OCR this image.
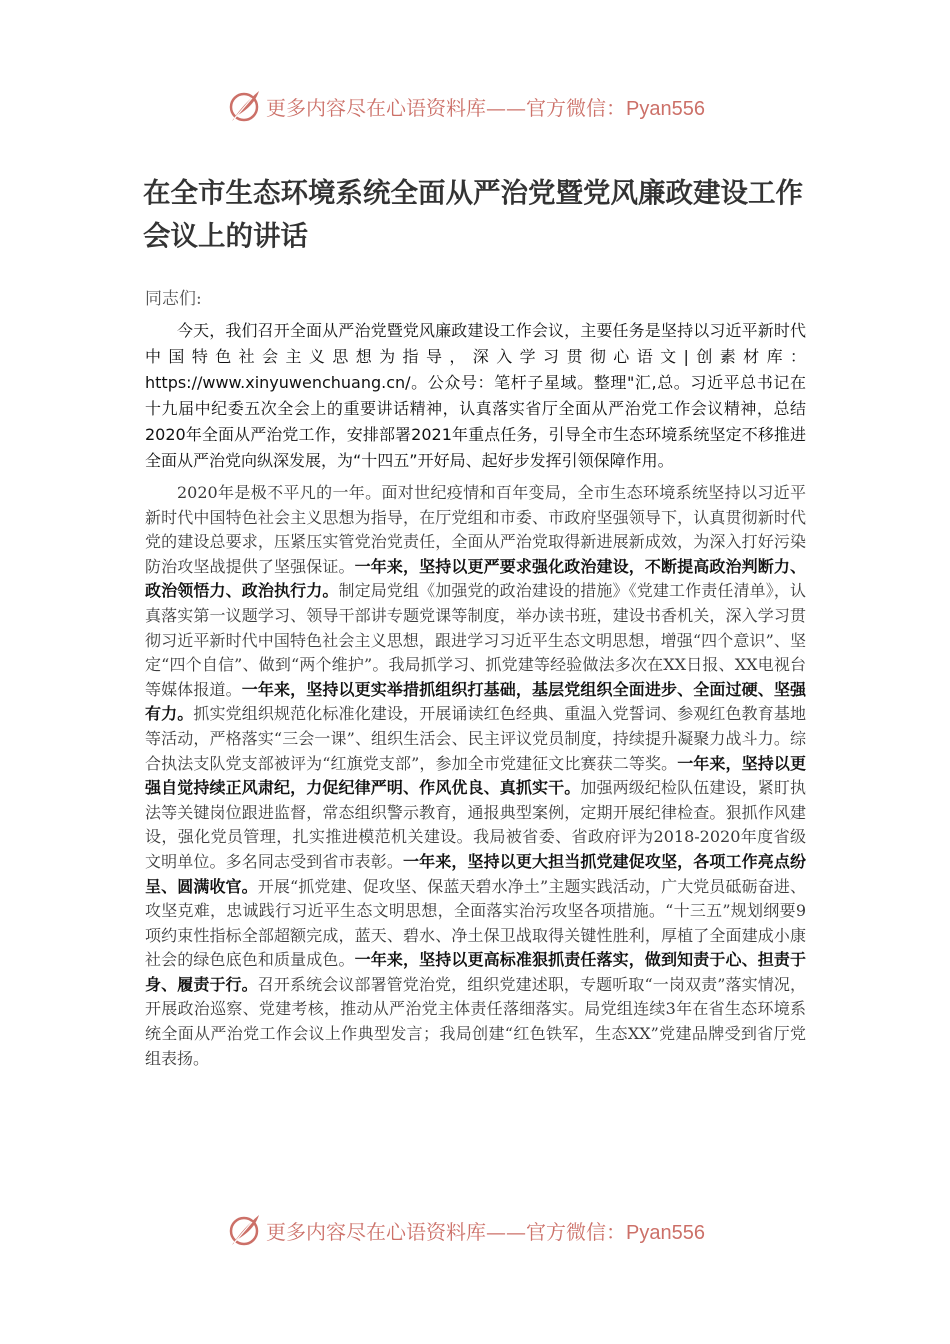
更多内容尽在心语资料库——官方微信：Pyan556
在全市生态环境系统全面从严治党暨党风廉政建设工作会议上的讲话
同志们:

今天，我们召开全面从严治党暨党风廉政建设工作会议，主要任务是坚持以习近平新时代中国特色社会主义思想为指导，深入学习贯彻心语文|创素材库： https://www.xinyuwenchuang.cn/。公众号：笔杆子星域。整理"汇,总。习近平总书记在十九届中纪委五次全会上的重要讲话精神，认真落实省厅全面从严治党工作会议精神，总结2020年全面从严治党工作，安排部署2021年重点任务，引导全市生态环境系统坚定不移推进全面从严治党向纵深发展，为“十四五”开好局、起好步发挥引领保障作用。

2020年是极不平凡的一年。面对世纪疫情和百年变局，全市生态环境系统坚持以习近平新时代中国特色社会主义思想为指导，在厅党组和市委、市政府坚强领导下，认真贯彻新时代党的建设总要求，压紧压实管党治党责任，全面从严治党取得新进展新成效，为深入打好污染防治攻坚战提供了坚强保证。一年来，坚持以更严要求强化政治建设，不断提高政治判断力、政治领悟力、政治执行力。制定局党组《加强党的政治建设的措施》《党建工作责任清单》，认真落实第一议题学习、领导干部讲专题党课等制度，举办读书班，建设书香机关，深入学习贯彻习近平新时代中国特色社会主义思想，跟进学习习近平生态文明思想，增强“四个意识”、坚定“四个自信”、做到“两个维护”。我局抓学习、抓党建等经验做法多次在XX日报、XX电视台等媒体报道。一年来，坚持以更实举措抓组织打基础，基层党组织全面进步、全面过硬、坚强有力。抓实党组织规范化标准化建设，开展诵读红色经典、重温入党誓词、参观红色教育基地等活动，严格落实“三会一课”、组织生活会、民主评议党员制度，持续提升凝聚力战斗力。综合执法支队党支部被评为“红旗党支部”，参加全市党建征文比赛获二等奖。一年来，坚持以更强自觉持续正风肃纪，力促纪律严明、作风优良、真抓实干。加强两级纪检队伍建设，紧盯执法等关键岗位跟进监督，常态组织警示教育，通报典型案例，定期开展纪律检查。狠抓作风建设，强化党员管理，扎实推进模范机关建设。我局被省委、省政府评为2018-2020年度省级文明单位。多名同志受到省市表彰。一年来，坚持以更大担当抓党建促攻坚，各项工作亮点纷呈、圆满收官。开展“抓党建、促攻坚、保蓝天碧水净土”主题实践活动，广大党员砥砺奋进、攻坚克难，忠诚践行习近平生态文明思想，全面落实治污攻坚各项措施。“十三五”规划纲要9项约束性指标全部超额完成，蓝天、碧水、净土保卫战取得关键性胜利，厚植了全面建成小康社会的绿色底色和质量成色。一年来，坚持以更高标准狠抓责任落实，做到知责于心、担责于身、履责于行。召开系统会议部署管党治党，组织党建述职，专题听取“一岗双责”落实情况，开展政治巡察、党建考核，推动从严治党主体责任落细落实。局党组连续3年在省生态环境系统全面从严治党工作会议上作典型发言；我局创建“红色铁军，生态XX”党建品牌受到省厅党组表扬。

更多内容尽在心语资料库——官方微信：Pyan556
